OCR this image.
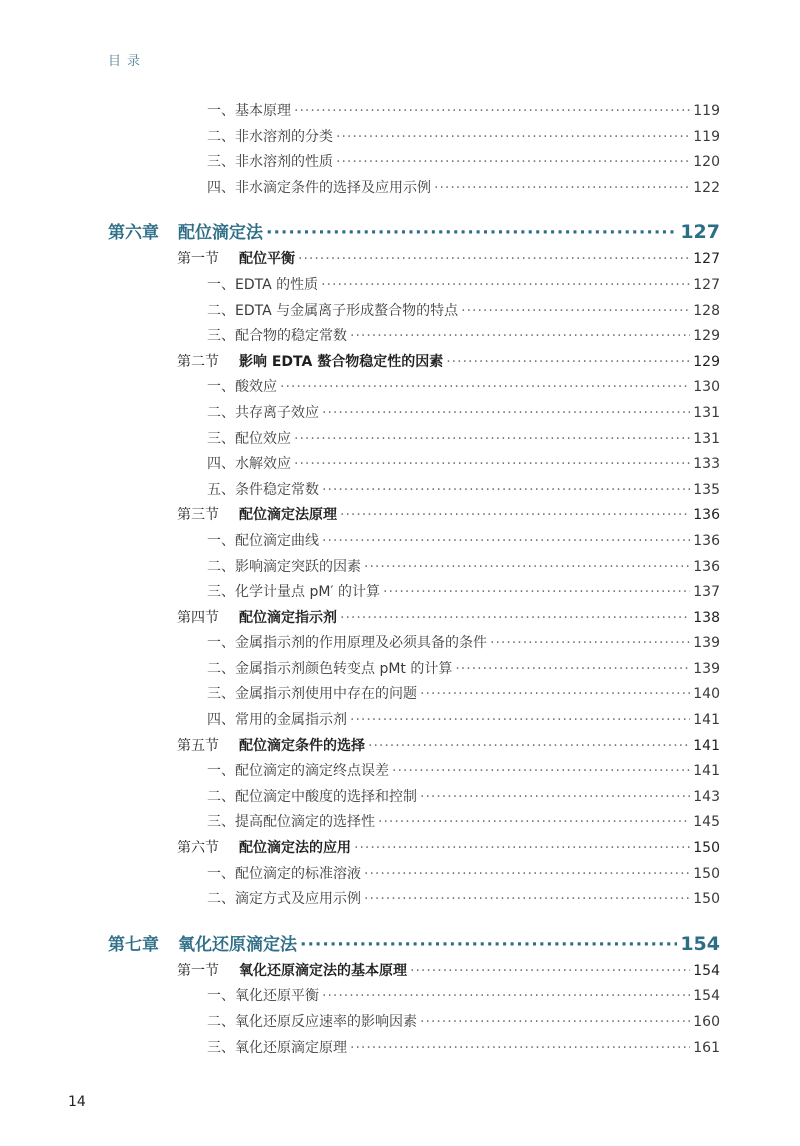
目录
一、基本原理 ·····	119
二、非水溶剂的分类 ·····	119
三、非水溶剂的性质 ·····	120
四、非水滴定条件的选择及应用示例 ·····	122
第六章 配位滴定法 ·····	127
第一节 配位平衡 ·····	127
一、EDTA 的性质 ·····	127
二、EDTA 与金属离子形成螯合物的特点 ·····	128
三、配合物的稳定常数 ·····	129
第二节 影响 EDTA 螯合物稳定性的因素 ·····	129
一、酸效应 ·····	130
二、共存离子效应 ·····	131
三、配位效应 ·····	131
四、水解效应 ·····	133
五、条件稳定常数 ·····	135
第三节 配位滴定法原理 ·····	136
一、配位滴定曲线 ·····	136
二、影响滴定突跃的因素 ·····	136
三、化学计量点 pM′ 的计算 ·····	137
第四节 配位滴定指示剂 ·····	138
一、金属指示剂的作用原理及必须具备的条件 ·····	139
二、金属指示剂颜色转变点 pMt 的计算 ·····	139
三、金属指示剂使用中存在的问题 ·····	140
四、常用的金属指示剂 ·····	141
第五节 配位滴定条件的选择 ·····	141
一、配位滴定的滴定终点误差 ·····	141
二、配位滴定中酸度的选择和控制 ·····	143
三、提高配位滴定的选择性 ·····	145
第六节 配位滴定法的应用 ·····	150
一、配位滴定的标准溶液 ·····	150
二、滴定方式及应用示例 ·····	150
第七章 氧化还原滴定法 ·····	154
第一节 氧化还原滴定法的基本原理 ·····	154
一、氧化还原平衡 ·····	154
二、氧化还原反应速率的影响因素 ·····	160
三、氧化还原滴定原理 ·····	161
14
